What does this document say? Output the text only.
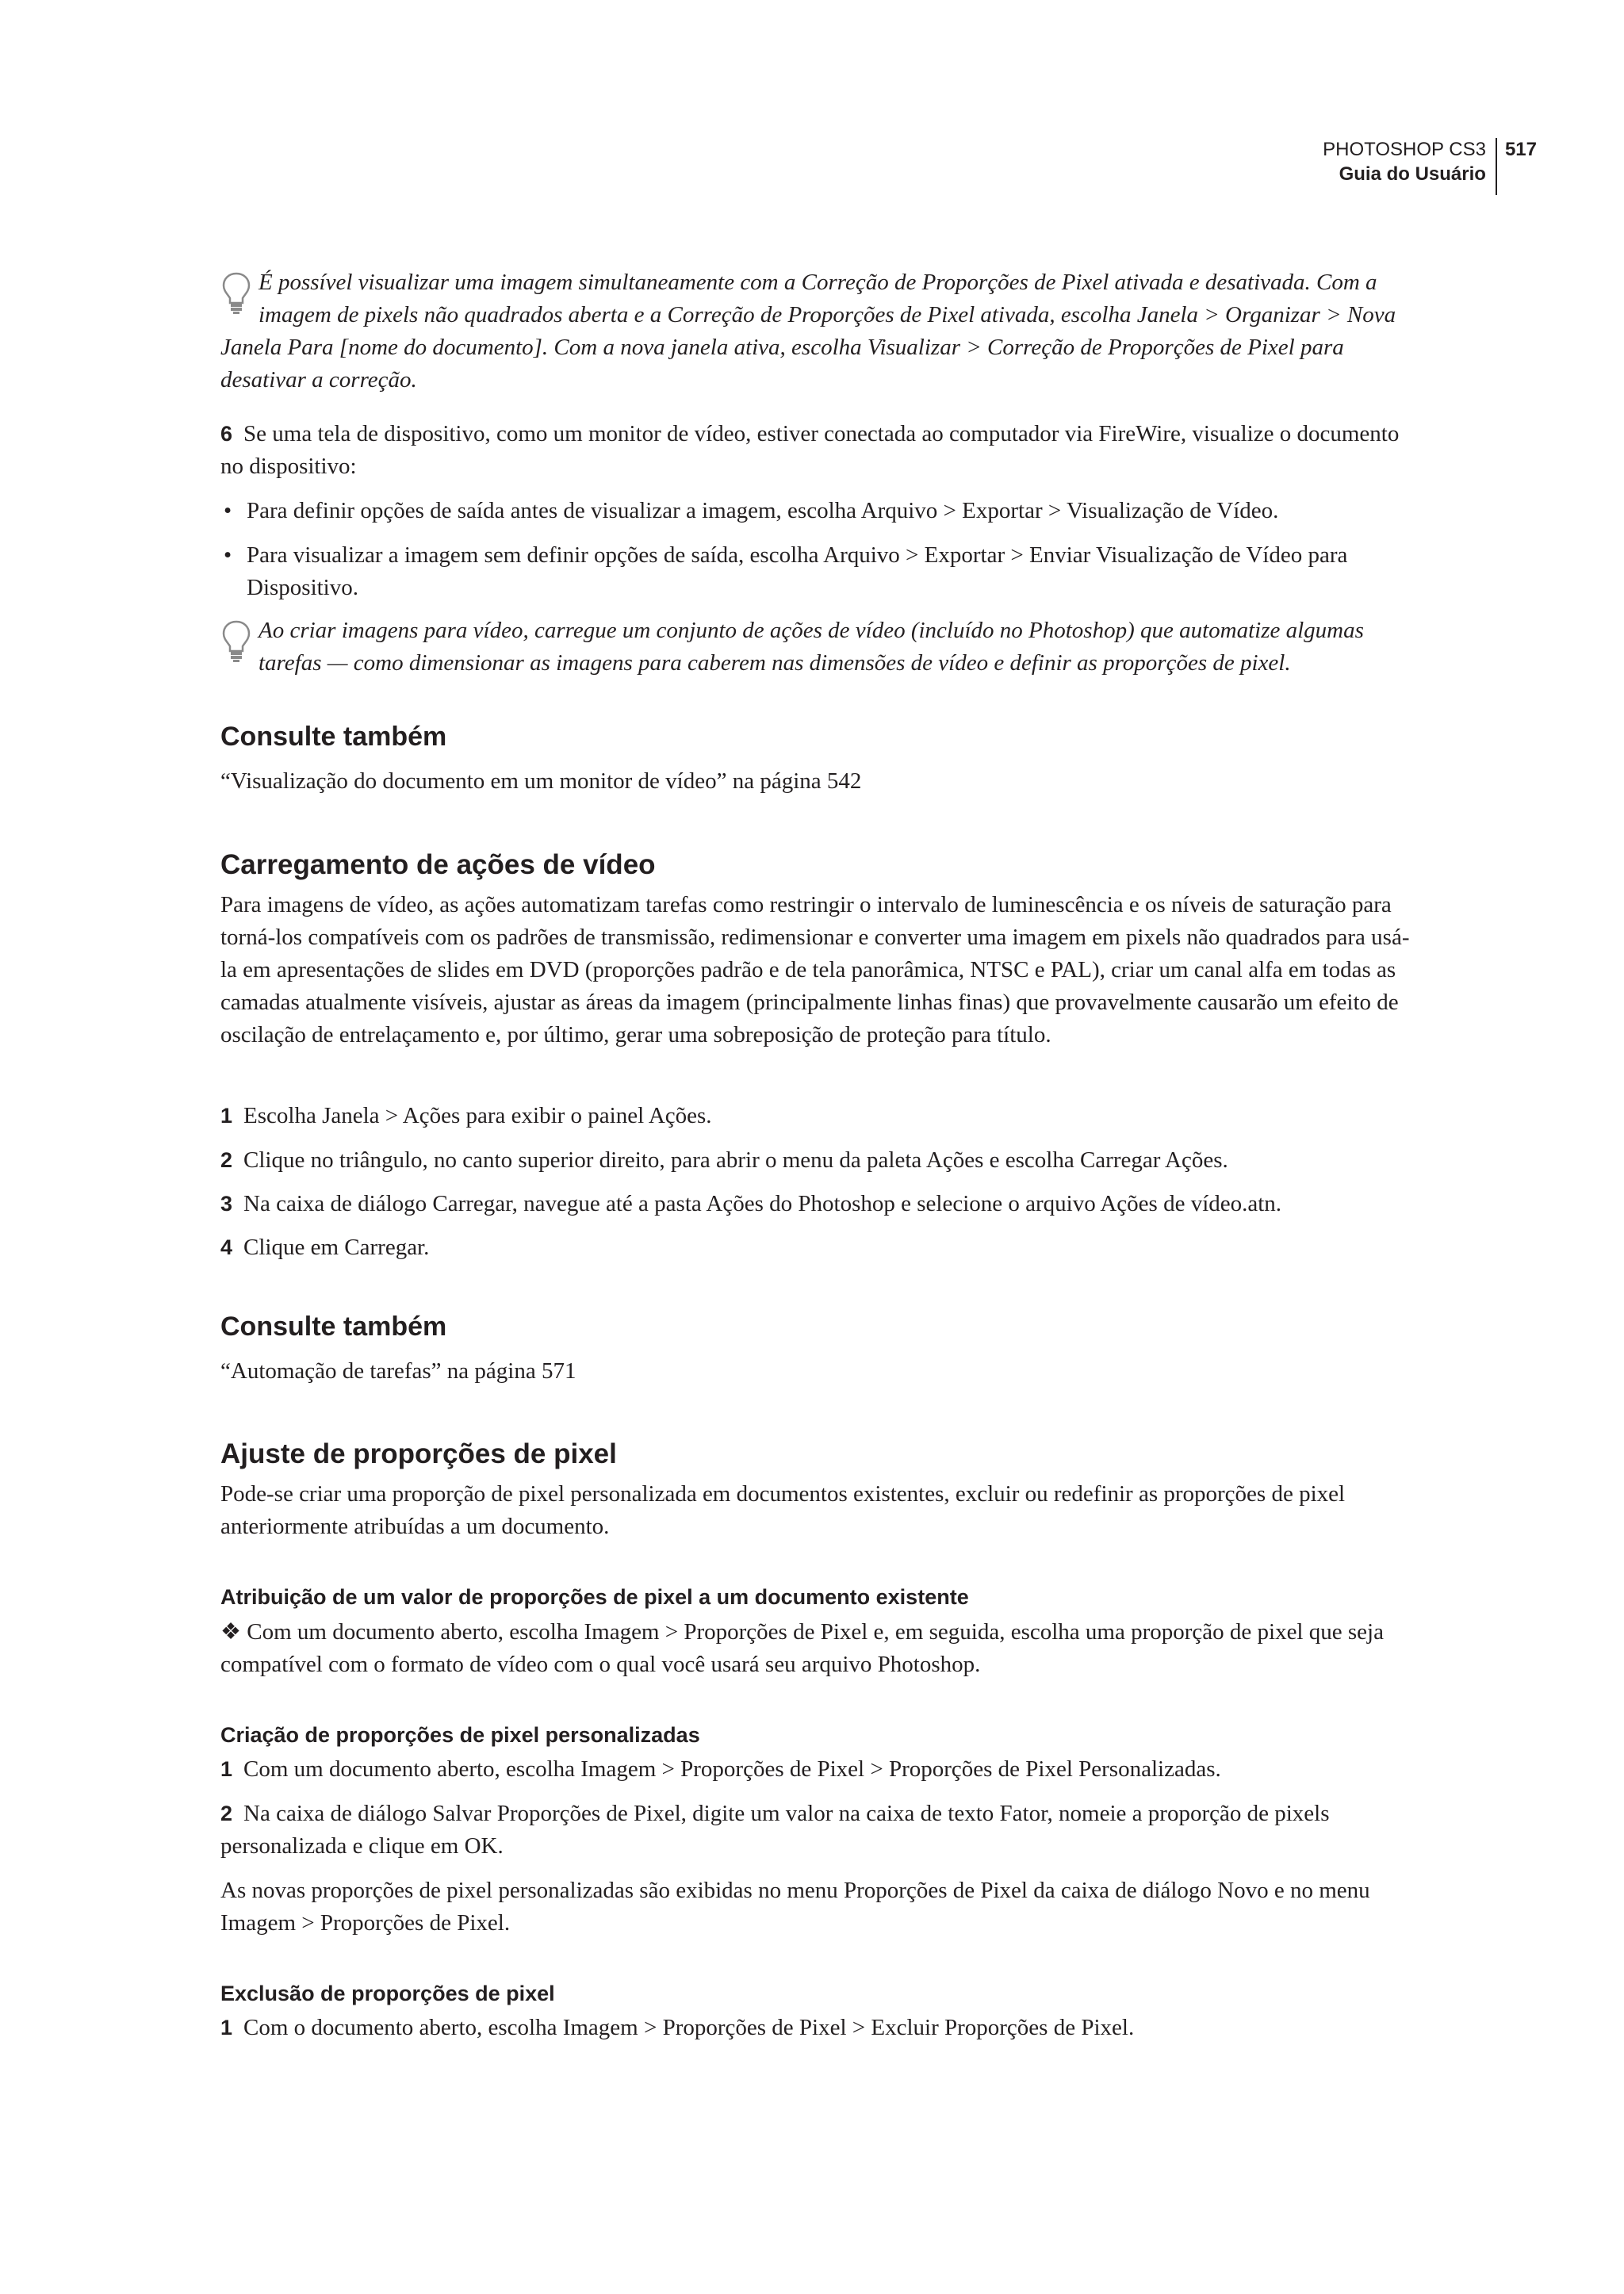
PHOTOSHOP CS3
Guia do Usuário
517

É possível visualizar uma imagem simultaneamente com a Correção de Proporções de Pixel ativada e desativada. Com a

imagem de pixels não quadrados aberta e a Correção de Proporções de Pixel ativada, escolha Janela > Organizar > Nova

Janela Para [nome do documento]. Com a nova janela ativa, escolha Visualizar > Correção de Proporções de Pixel para

desativar a correção.

6 Se uma tela de dispositivo, como um monitor de vídeo, estiver conectada ao computador via FireWire, visualize o documento no dispositivo:

• Para definir opções de saída antes de visualizar a imagem, escolha Arquivo > Exportar > Visualização de Vídeo.
• Para visualizar a imagem sem definir opções de saída, escolha Arquivo > Exportar > Enviar Visualização de Vídeo para Dispositivo.

Ao criar imagens para vídeo, carregue um conjunto de ações de vídeo (incluído no Photoshop) que automatize algumas

tarefas — como dimensionar as imagens para caberem nas dimensões de vídeo e definir as proporções de pixel.

Consulte também

“Visualização do documento em um monitor de vídeo” na página 542

Carregamento de ações de vídeo

Para imagens de vídeo, as ações automatizam tarefas como restringir o intervalo de luminescência e os níveis de saturação para torná-los compatíveis com os padrões de transmissão, redimensionar e converter uma imagem em pixels não quadrados para usá-la em apresentações de slides em DVD (proporções padrão e de tela panorâmica, NTSC e PAL), criar um canal alfa em todas as camadas atualmente visíveis, ajustar as áreas da imagem (principalmente linhas finas) que provavelmente causarão um efeito de oscilação de entrelaçamento e, por último, gerar uma sobreposição de proteção para título.

1 Escolha Janela > Ações para exibir o painel Ações.

2 Clique no triângulo, no canto superior direito, para abrir o menu da paleta Ações e escolha Carregar Ações.

3 Na caixa de diálogo Carregar, navegue até a pasta Ações do Photoshop e selecione o arquivo Ações de vídeo.atn.

4 Clique em Carregar.

Consulte também

“Automação de tarefas” na página 571

Ajuste de proporções de pixel

Pode-se criar uma proporção de pixel personalizada em documentos existentes, excluir ou redefinir as proporções de pixel anteriormente atribuídas a um documento.

Atribuição de um valor de proporções de pixel a um documento existente

❖ Com um documento aberto, escolha Imagem > Proporções de Pixel e, em seguida, escolha uma proporção de pixel que seja compatível com o formato de vídeo com o qual você usará seu arquivo Photoshop.

Criação de proporções de pixel personalizadas

1 Com um documento aberto, escolha Imagem > Proporções de Pixel > Proporções de Pixel Personalizadas.

2 Na caixa de diálogo Salvar Proporções de Pixel, digite um valor na caixa de texto Fator, nomeie a proporção de pixels personalizada e clique em OK.

As novas proporções de pixel personalizadas são exibidas no menu Proporções de Pixel da caixa de diálogo Novo e no menu Imagem > Proporções de Pixel.

Exclusão de proporções de pixel

1 Com o documento aberto, escolha Imagem > Proporções de Pixel > Excluir Proporções de Pixel.
